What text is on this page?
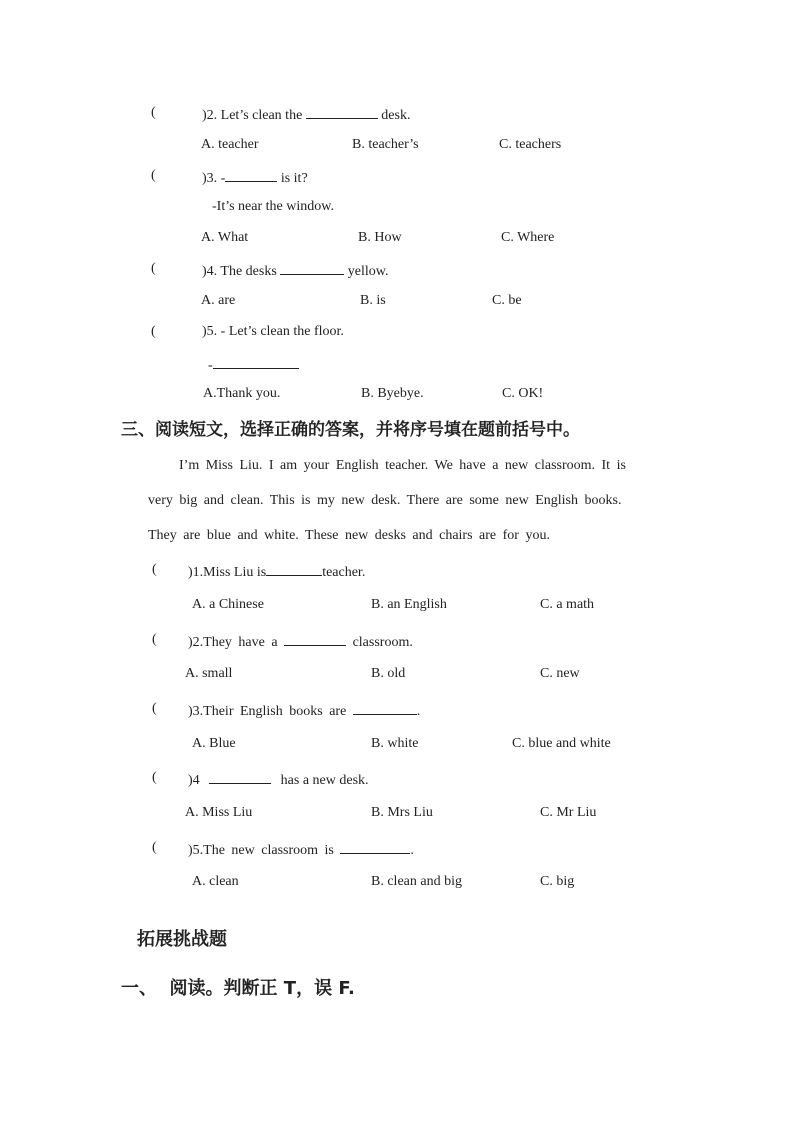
(	)2. Let’s clean the	desk.
A. teacher	B. teacher’s	C. teachers
(	)3. -	is it?
-It’s near the window.
A. What	B. How	C. Where
(	)4. The desks	yellow.
A. are	B. is	C. be
(	)5. - Let’s clean the floor.
-
A.Thank you.	B. Byebye.	C. OK!
三、阅读短文，选择正确的答案，并将序号填在题前括号中。
I’m Miss Liu. I am your English teacher. We have a new classroom. It is
very big and clean. This is my new desk. There are some new English books.
They are blue and white. These new desks and chairs are for you.
( )1.Miss Liu is	teacher.
A. a Chinese	B. an English	C. a math
( )2.They have a	classroom.
A. small	B. old	C. new
( )3.Their English books are	.
A. Blue	B. white	C. blue and white
( )4	has a new desk.
A. Miss Liu	B. Mrs Liu	C. Mr Liu
( )5.The new classroom is	.
A. clean	B. clean and big	C. big
拓展挑战题
一、  阅读。判断正 T，误 F.
